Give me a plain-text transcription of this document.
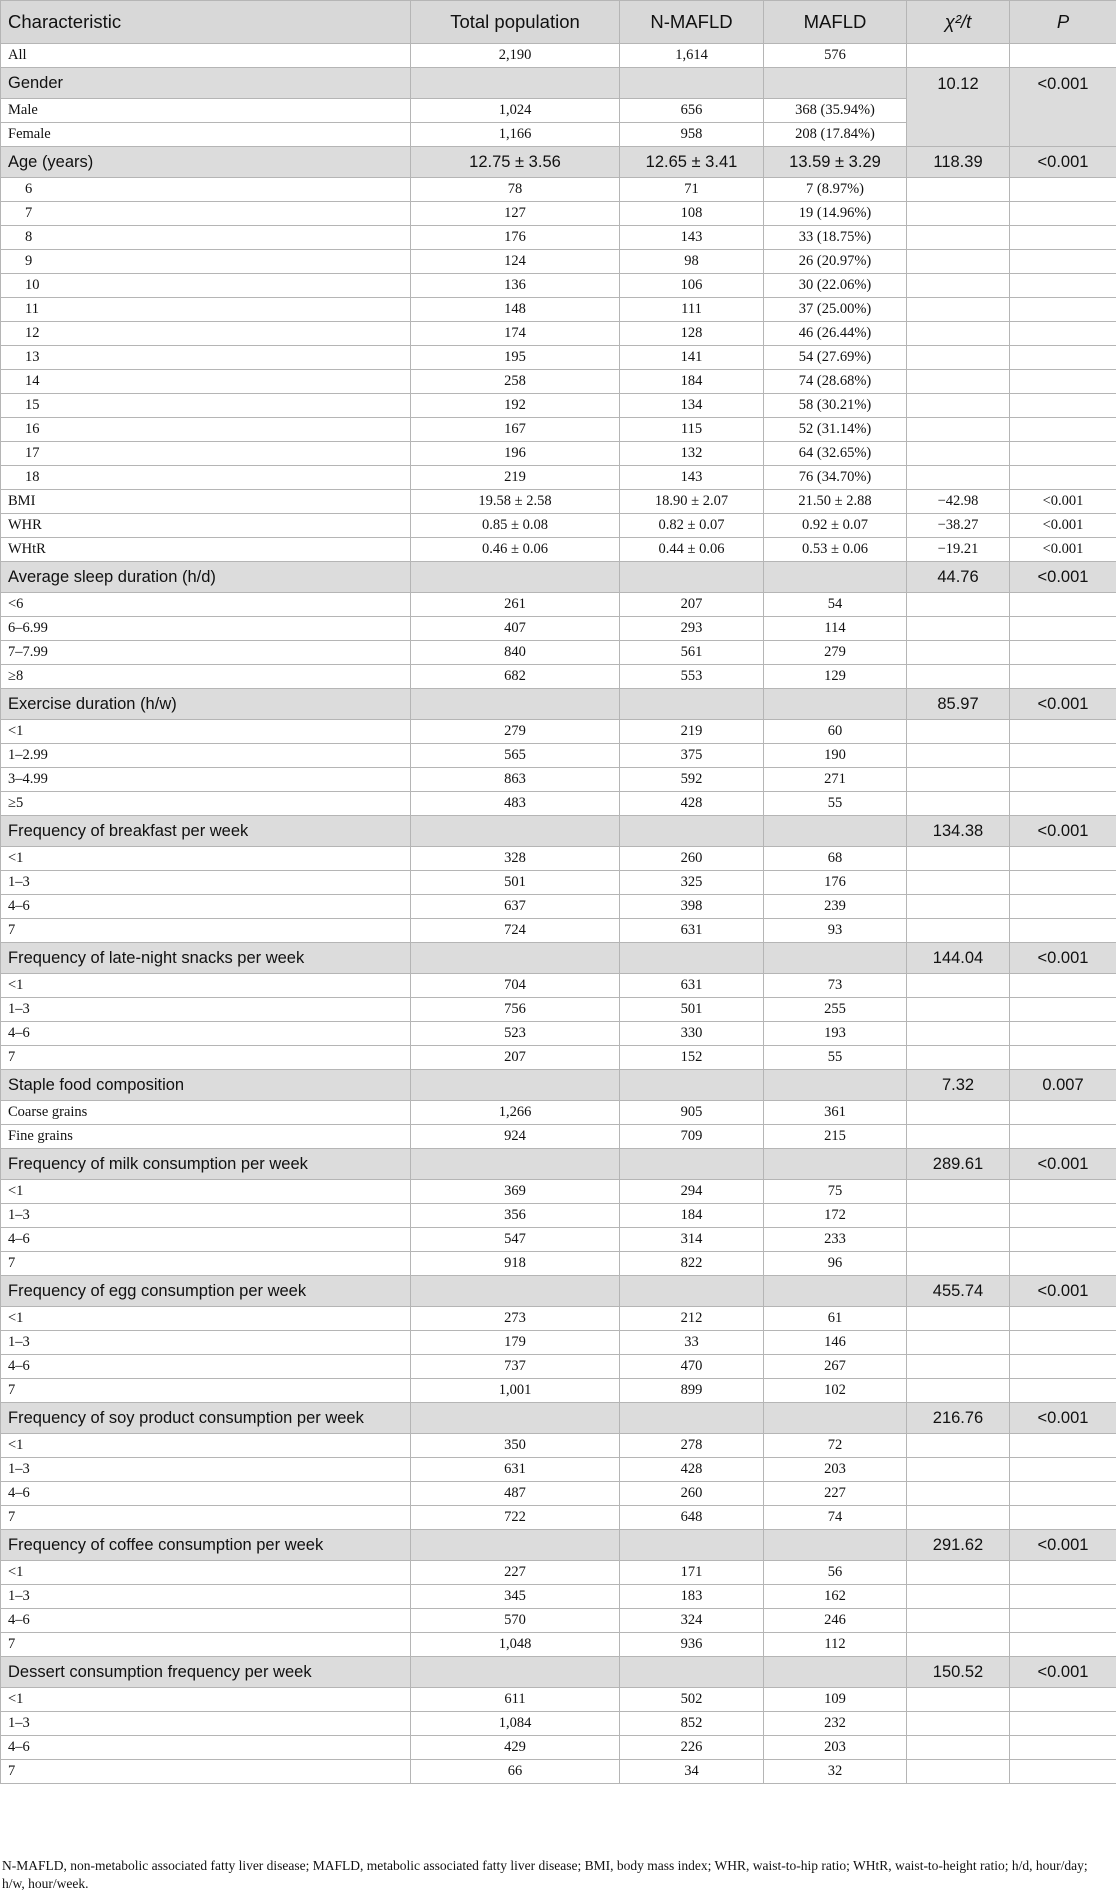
Characteristic	Total population	N-MAFLD	MAFLD	χ²/t	P
All	2,190	1,614	576		
Gender				10.12	<0.001
Male	1,024	656	368 (35.94%)		
Female	1,166	958	208 (17.84%)		
Age (years)	12.75 ± 3.56	12.65 ± 3.41	13.59 ± 3.29	118.39	<0.001
6	78	71	7 (8.97%)		
7	127	108	19 (14.96%)		
8	176	143	33 (18.75%)		
9	124	98	26 (20.97%)		
10	136	106	30 (22.06%)		
11	148	111	37 (25.00%)		
12	174	128	46 (26.44%)		
13	195	141	54 (27.69%)		
14	258	184	74 (28.68%)		
15	192	134	58 (30.21%)		
16	167	115	52 (31.14%)		
17	196	132	64 (32.65%)		
18	219	143	76 (34.70%)		
BMI	19.58 ± 2.58	18.90 ± 2.07	21.50 ± 2.88	−42.98	<0.001
WHR	0.85 ± 0.08	0.82 ± 0.07	0.92 ± 0.07	−38.27	<0.001
WHtR	0.46 ± 0.06	0.44 ± 0.06	0.53 ± 0.06	−19.21	<0.001
Average sleep duration (h/d)				44.76	<0.001
<6	261	207	54		
6–6.99	407	293	114		
7–7.99	840	561	279		
≥8	682	553	129		
Exercise duration (h/w)				85.97	<0.001
<1	279	219	60		
1–2.99	565	375	190		
3–4.99	863	592	271		
≥5	483	428	55		
Frequency of breakfast per week				134.38	<0.001
<1	328	260	68		
1–3	501	325	176		
4–6	637	398	239		
7	724	631	93		
Frequency of late-night snacks per week				144.04	<0.001
<1	704	631	73		
1–3	756	501	255		
4–6	523	330	193		
7	207	152	55		
Staple food composition				7.32	0.007
Coarse grains	1,266	905	361		
Fine grains	924	709	215		
Frequency of milk consumption per week				289.61	<0.001
<1	369	294	75		
1–3	356	184	172		
4–6	547	314	233		
7	918	822	96		
Frequency of egg consumption per week				455.74	<0.001
<1	273	212	61		
1–3	179	33	146		
4–6	737	470	267		
7	1,001	899	102		
Frequency of soy product consumption per week				216.76	<0.001
<1	350	278	72		
1–3	631	428	203		
4–6	487	260	227		
7	722	648	74		
Frequency of coffee consumption per week				291.62	<0.001
<1	227	171	56		
1–3	345	183	162		
4–6	570	324	246		
7	1,048	936	112		
Dessert consumption frequency per week				150.52	<0.001
<1	611	502	109		
1–3	1,084	852	232		
4–6	429	226	203		
7	66	34	32		
N-MAFLD, non-metabolic associated fatty liver disease; MAFLD, metabolic associated fatty liver disease; BMI, body mass index; WHR, waist-to-hip ratio; WHtR, waist-to-height ratio; h/d, hour/day; h/w, hour/week.
